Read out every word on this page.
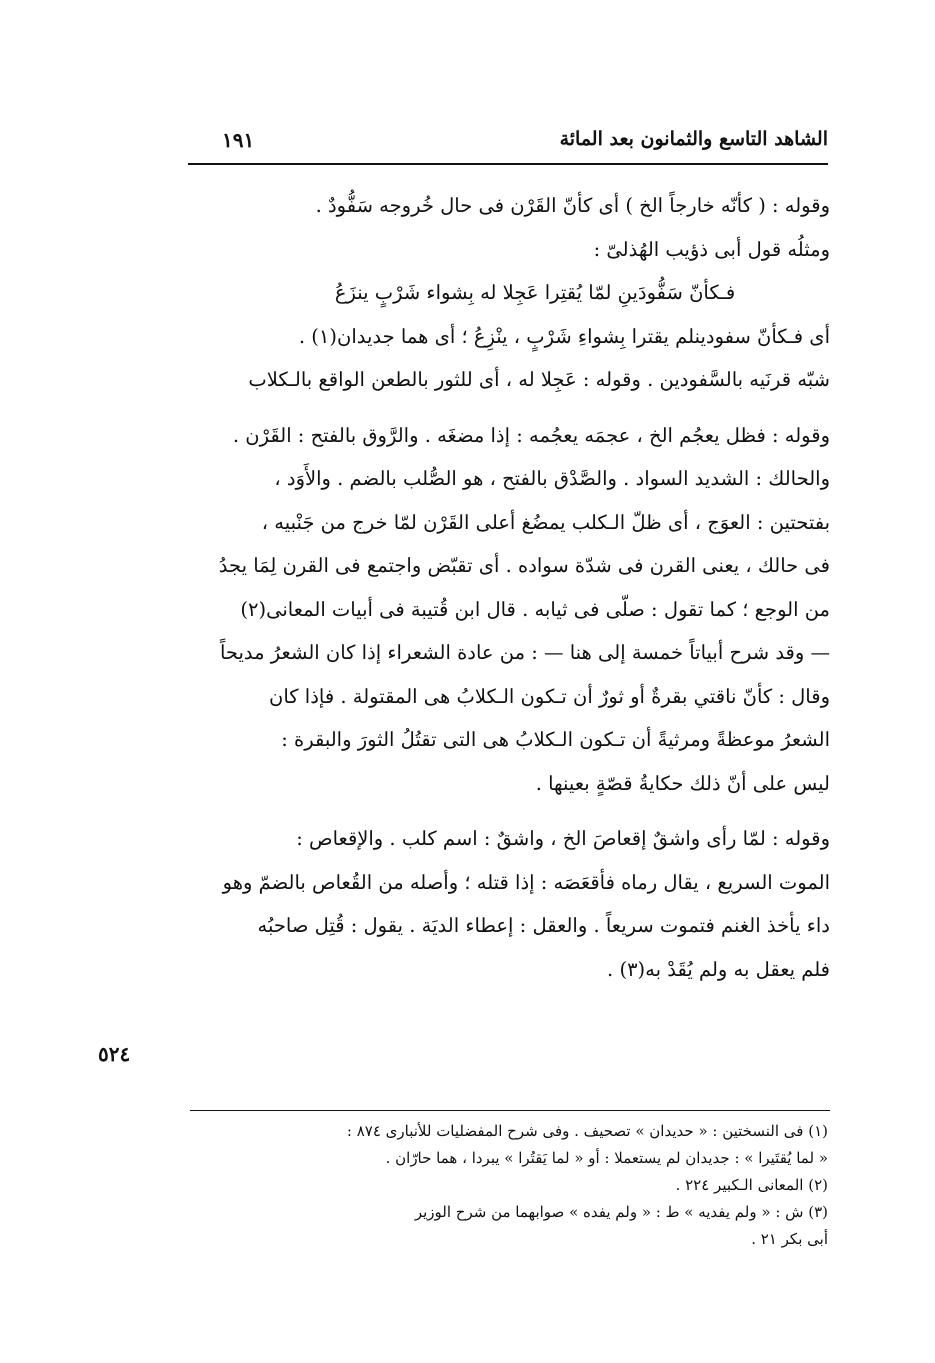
الشاهد التاسع والثمانون بعد المائة
١٩١
وقوله : ( كأنّه خارجاً الخ ) أى كأنّ القَرْن فى حال خُروجه سَفُّودٌ .
ومثلُه قول أبى ذؤيب الهُذلىّ :
فـكأنّ سَفُّودَينِ لمّا يُقتِرا عَجِلا له بِشواء شَرْبٍ ينزَعُ
أى فـكأنّ سفودينلم يقترا بِشواءِ شَرْبٍ ، ينْزِعُ ؛ أى هما جديدان(١) .
شبّه قرنَيه بالسَّفودين . وقوله : عَجِلا له ، أى للثور بالطعن الواقع بالـكلاب
وقوله : فظل يعجُم الخ ، عجمَه يعجُمه : إذا مضغَه . والرَّوق بالفتح : القَرْن .
والحالك : الشديد السواد . والصَّدْق بالفتح ، هو الصُّلب بالضم . والأَوَد ،
بفتحتين : العوَج ، أى ظلّ الـكلب يمضُغ أعلى القَرْن لمّا خرج من جَنْبيه ،
فى حالك ، يعنى القرن فى شدّة سواده . أى تقبّض واجتمع فى القرن لِمَا يجدُ
من الوجع ؛ كما تقول : صلّى فى ثيابه . قال ابن قُتيبة فى أبيات المعانى(٢)
— وقد شرح أبياتاً خمسة إلى هنا — : من عادة الشعراء إذا كان الشعرُ مديحاً
وقال : كأنّ ناقتي بقرةٌ أو ثورٌ أن تـكون الـكلابُ هى المقتولة . فإذا كان
الشعرُ موعظةً ومرثيةً أن تـكون الـكلابُ هى التى تقتُلُ الثورَ والبقرة :
ليس على أنّ ذلك حكايةُ قصّةٍ بعينها .
وقوله : لمّا رأى واشقٌ إقعاصَ الخ ، واشقٌ : اسم كلب . والإقعاص :
الموت السريع ، يقال رماه فأقعَصَه : إذا قتله ؛ وأصله من القُعاص بالضمّ وهو
داء يأخذ الغنم فتموت سريعاً . والعقل : إعطاء الديَة . يقول : قُتِل صاحبُه
فلم يعقل به ولم يُقَدْ به(٣) .
٥٢٤
(١) فى النسختين : « حديدان » تصحيف . وفى شرح المفضليات للأنبارى ٨٧٤ :
« لما يُقتَيرا » : جديدان لم يستعملا : أو « لما يَقتُرا » يبردا ، هما حارّان .
(٢) المعانى الـكبير ٢٢٤ .
(٣) ش : « ولم يفديه » ط : « ولم يفده » صوابهما من شرح الوزير
أبى بكر ٢١ .
